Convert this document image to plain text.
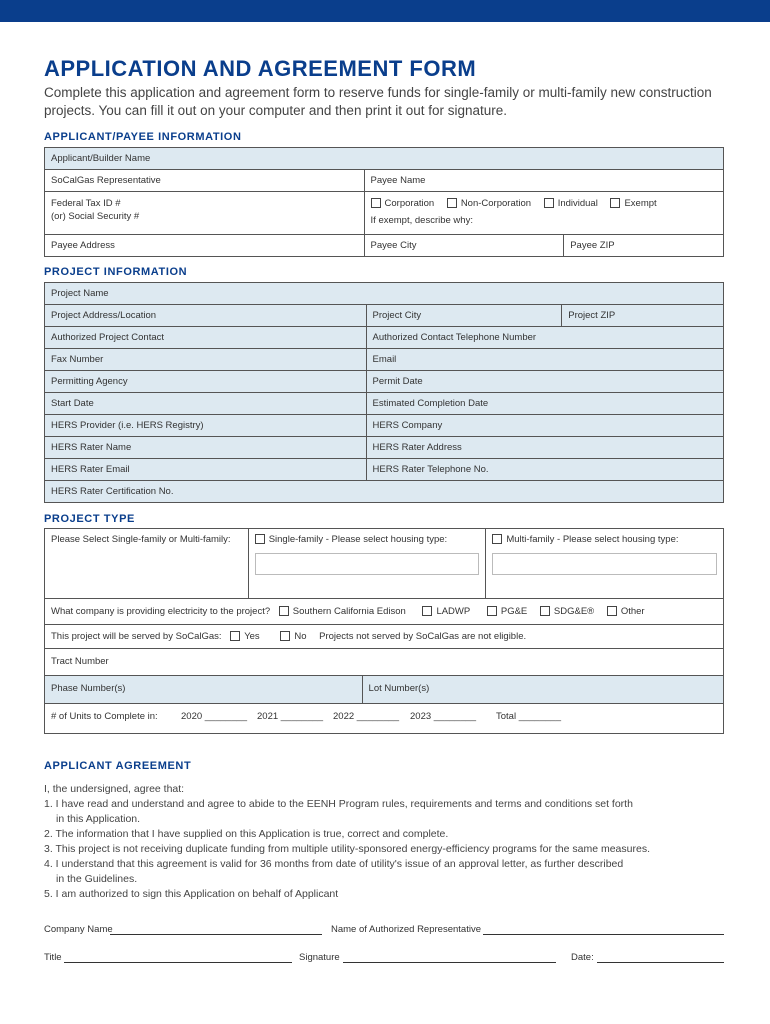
APPLICATION AND AGREEMENT FORM
Complete this application and agreement form to reserve funds for single-family or multi-family new construction projects. You can fill it out on your computer and then print it out for signature.
APPLICANT/PAYEE INFORMATION
Applicant/Builder Name
SoCalGas Representative	Payee Name
Federal Tax ID #
(or) Social Security #
Corporation	Non-Corporation	Individual	Exempt
If exempt, describe why:
Payee Address	Payee City	Payee ZIP
PROJECT INFORMATION
Project Name
Project Address/Location	Project City	Project ZIP
Authorized Project Contact	Authorized Contact Telephone Number
Fax Number	Email
Permitting Agency	Permit Date
Start Date	Estimated Completion Date
HERS Provider (i.e. HERS Registry)	HERS Company
HERS Rater Name	HERS Rater Address
HERS Rater Email	HERS Rater Telephone No.
HERS Rater Certification No.
PROJECT TYPE
Please Select Single-family or Multi-family:	Single-family - Please select housing type:	Multi-family - Please select housing type:
What company is providing electricity to the project? Southern California Edison	LADWP	PG&E	SDG&E®	Other
This project will be served by SoCalGas: Yes	No Projects not served by SoCalGas are not eligible.
Tract Number
Phase Number(s)	Lot Number(s)
# of Units to Complete in:	2020 ________	2021 ________	2022 ________	2023 ________	Total ________
APPLICANT AGREEMENT

I, the undersigned, agree that:

1. I have read and understand and agree to abide to the EENH Program rules, requirements and terms and conditions set forth

in this Application.

2. The information that I have supplied on this Application is true, correct and complete.

3. This project is not receiving duplicate funding from multiple utility-sponsored energy-efficiency programs for the same measures.

4. I understand that this agreement is valid for 36 months from date of utility's issue of an approval letter, as further described

in the Guidelines.

5. I am authorized to sign this Application on behalf of Applicant

Company Name	Name of Authorized Representative
Title	Signature	Date:
